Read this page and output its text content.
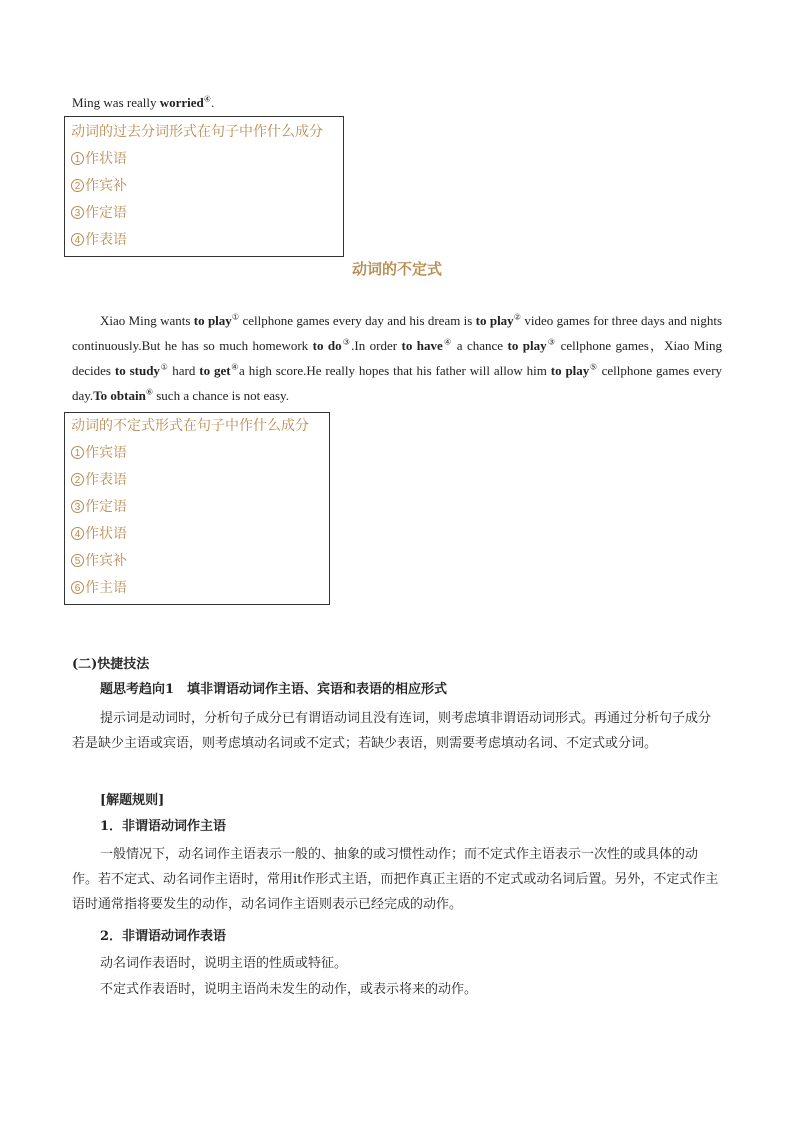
Ming was really worried④.
动词的过去分词形式在句子中作什么成分
1 作状语
2 作宾补
3 作定语
4 作表语
动词的不定式
Xiao Ming wants to play① cellphone games every day and his dream is to play② video games for three days and nights continuously.But he has so much homework to do③.In order to have④ a chance to play③ cellphone games，Xiao Ming decides to study① hard to get④a high score.He really hopes that his father will allow him to play⑤ cellphone games every day.To obtain⑥ such a chance is not easy.
动词的不定式形式在句子中作什么成分
1 作宾语
2 作表语
3 作定语
4 作状语
5 作宾补
6 作主语
(二)快捷技法
题思考趋向1　填非谓语动词作主语、宾语和表语的相应形式
提示词是动词时，分析句子成分已有谓语动词且没有连词，则考虑填非谓语动词形式。再通过分析句子成分若是缺少主语或宾语，则考虑填动名词或不定式；若缺少表语，则需要考虑填动名词、不定式或分词。
[解题规则]
1．非谓语动词作主语
一般情况下，动名词作主语表示一般的、抽象的或习惯性动作；而不定式作主语表示一次性的或具体的动作。若不定式、动名词作主语时，常用it作形式主语，而把作真正主语的不定式或动名词后置。另外，不定式作主语时通常指将要发生的动作，动名词作主语则表示已经完成的动作。
2．非谓语动词作表语
动名词作表语时，说明主语的性质或特征。
不定式作表语时，说明主语尚未发生的动作，或表示将来的动作。
